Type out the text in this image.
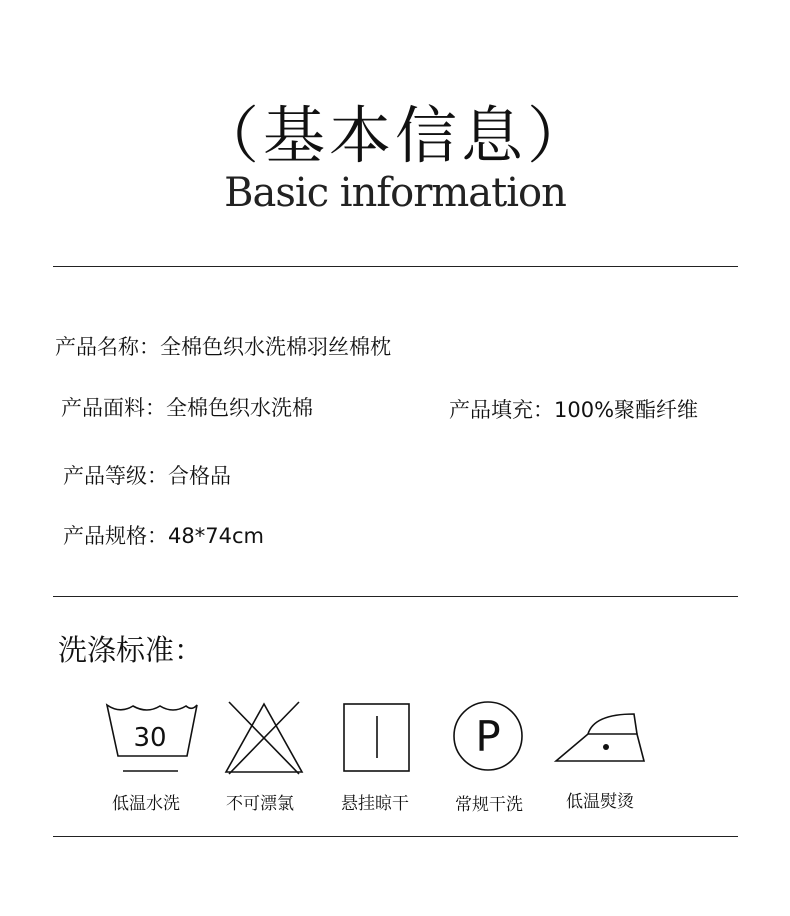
（基本信息）
Basic information
产品名称：全棉色织水洗棉羽丝棉枕
产品面料：全棉色织水洗棉	产品填充：100%聚酯纤维
产品等级：合格品
产品规格：48*74cm
洗涤标准：
30
低温水洗	不可漂氯	悬挂晾干
P
常规干洗	低温熨烫
